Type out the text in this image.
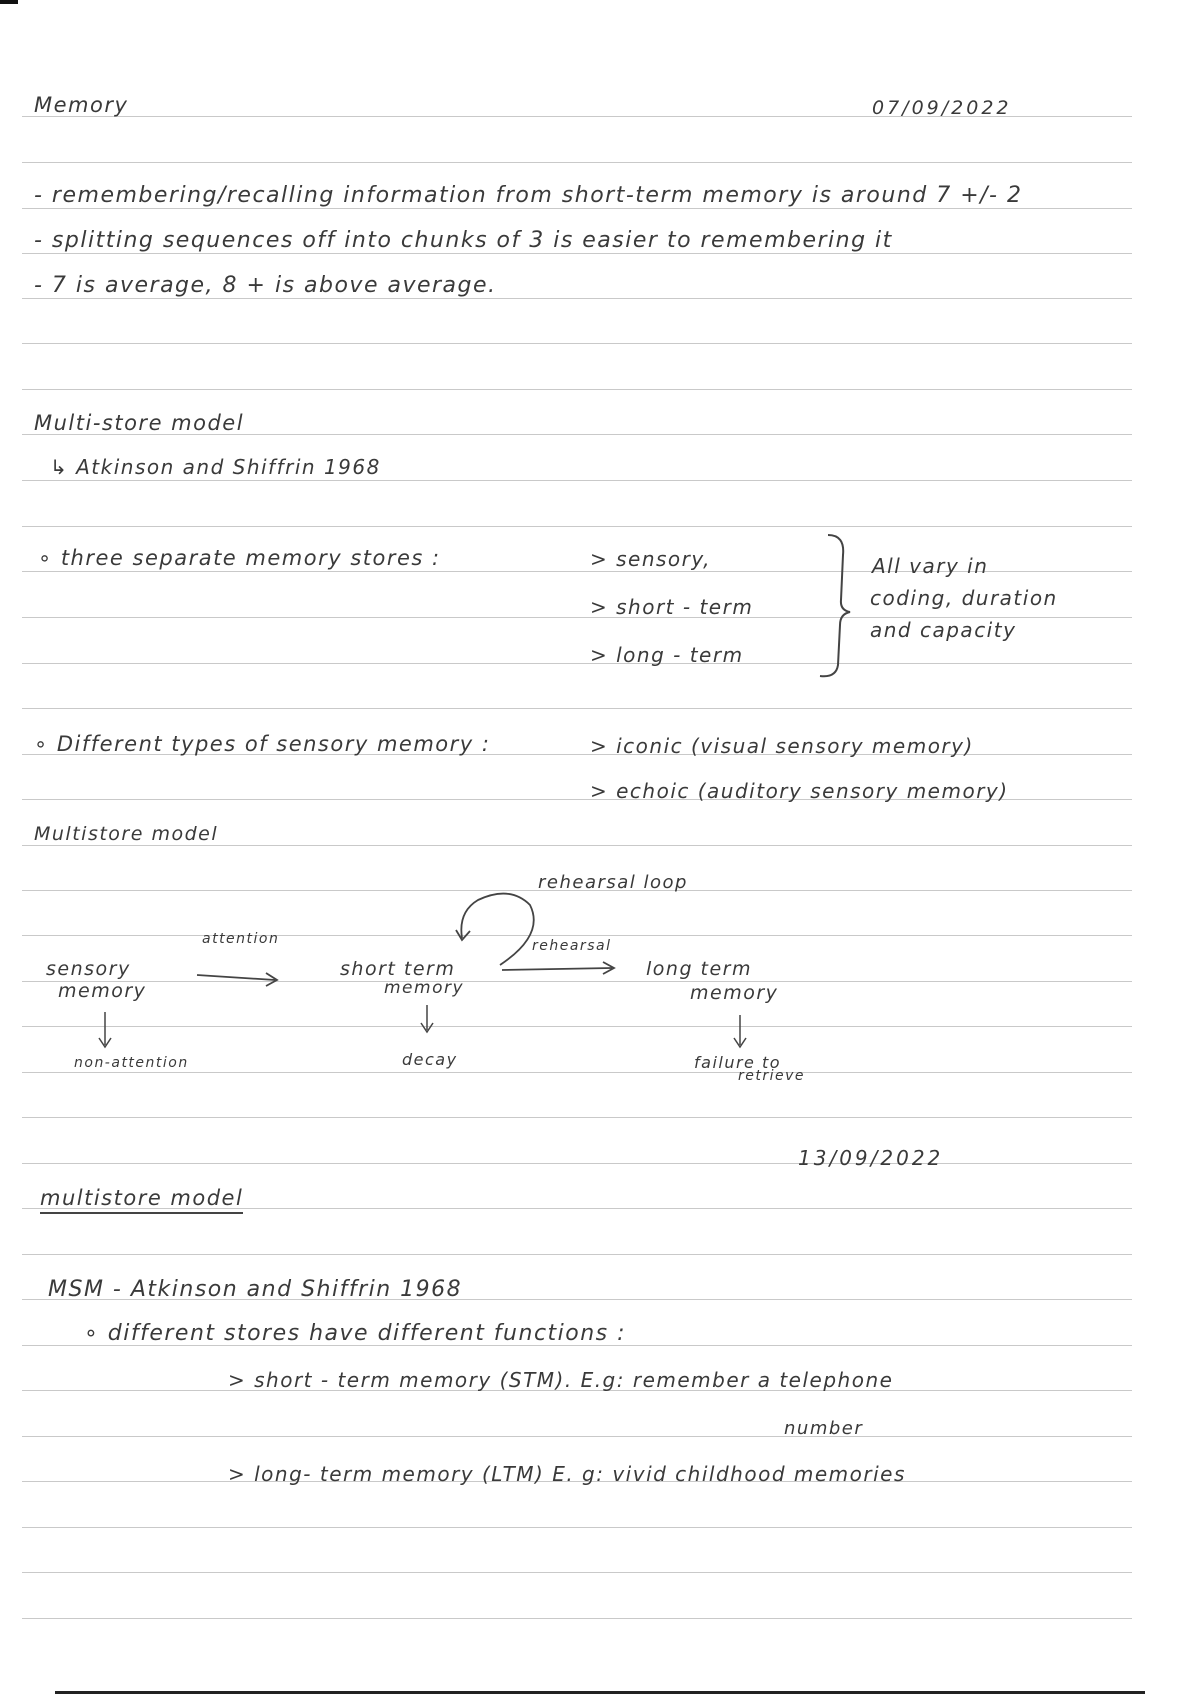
Memory	07/09/2022
- remembering/recalling information from short-term memory is around 7 +/- 2
- splitting sequences off into chunks of 3 is easier to remembering it
- 7 is average, 8 + is above average.
Multi-store model
↳ Atkinson and Shiffrin 1968
∘ three separate memory stores :	> sensory,
> short - term
> long - term
All vary in
coding, duration
and capacity
∘ Different types of sensory memory :	> iconic (visual sensory memory)
> echoic (auditory sensory memory)
Multistore model
rehearsal loop
attention	rehearsal
sensory
memory
short term
memory
long term
memory
non-attention	decay	failure to
retrieve
13/09/2022
multistore model
MSM - Atkinson and Shiffrin 1968
∘ different stores have different functions :
> short - term memory (STM). E.g: remember a telephone
number
> long- term memory (LTM) E. g: vivid childhood memories
